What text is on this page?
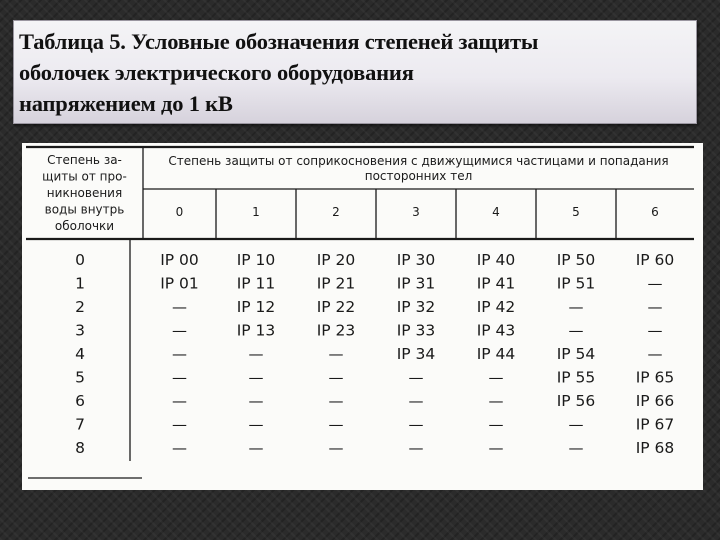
Таблица 5. Условные обозначения степеней защиты
оболочек электрического оборудования
напряжением до 1 кВ
Степень за-
щиты от про-
никновения
воды внутрь
оболочки
Степень защиты от соприкосновения с движущимися частицами и попадания
посторонних тел
0	1	2	3	4	5	6
0	IP 00 IP 10	IP 20	IP 30	IP 40	IP 50	IP 60
1	IP 01 IP 11	IP 21	IP 31	IP 41	IP 51	—
2	—	IP 12	IP 22	IP 32	IP 42	—	—
3	—	IP 13	IP 23	IP 33	IP 43	—	—
4	—	—	—	IP 34	IP 44	IP 54	—
5	—	—	—	—	—	IP 55	IP 65
6	—	—	—	—	—	IP 56	IP 66
7	—	—	—	—	—	—	IP 67
8	—	—	—	—	—	—	IP 68
